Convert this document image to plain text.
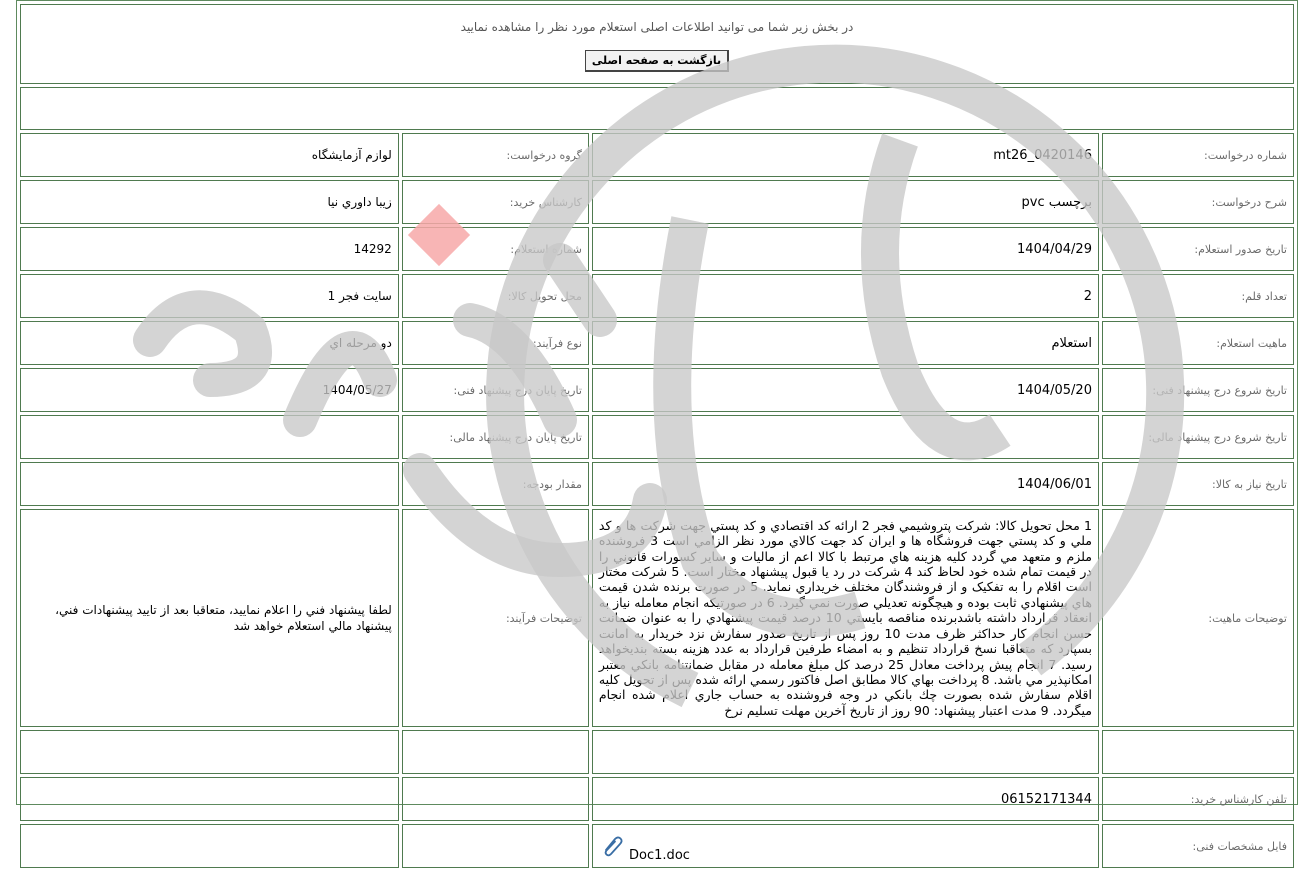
در بخش زیر شما می توانید اطلاعات اصلی استعلام مورد نظر را مشاهده نمایید
بازگشت به صفحه اصلی			

شماره درخواست:	mt26_0420146	گروه درخواست:	لوازم آزمایشگاه
شرح درخواست:	برچسب pvc	کارشناس خرید:	زيبا داوري نيا
تاریخ صدور استعلام:	1404/04/29	شماره استعلام:	14292
تعداد قلم:	2	محل تحویل کالا:	سايت فجر 1
ماهیت استعلام:	استعلام	نوع فرآیند:	دو مرحله اي
تاریخ شروع درج پیشنهاد فنی:	1404/05/20	تاریخ پایان درج پیشنهاد فنی:	1404/05/27
تاریخ شروع درج پیشنهاد مالی:		تاریخ پایان درج پیشنهاد مالی:	
تاریخ نیاز به کالا:	1404/06/01	مقدار بودجه:	
توضیحات ماهیت:	1 محل تحويل کالا: شرکت پتروشيمي فجر 2 ارائه کد اقتصادي و کد پستي جهت شرکت ها و کد ملي و کد پستي جهت فروشگاه ها و ايران کد جهت کالاي مورد نظر الزامي است 3 فروشنده ملزم و متعهد مي گردد کليه هزينه هاي مرتبط با کالا اعم از ماليات و ساير کسورات قانوني را در قيمت تمام شده خود لحاظ کند 4 شرکت در رد يا قبول پيشنهاد مختار است. 5 شرکت مختار است اقلام را به تفکيک و از فروشندگان مختلف خريداري نمايد. 5 در صورت برنده شدن قيمت هاي پيشنهادي ثابت بوده و هيچگونه تعديلي صورت نمي گيرد. 6 در صورتيکه انجام معامله نياز به انعقاد قرارداد داشته باشدبرنده مناقصه بايستي 10 درصد قيمت پيشنهادي را به عنوان ضمانت حسن انجام کار حداکثر ظرف مدت 10 روز پس از تاريخ صدور سفارش نزد خريدار به امانت بسپارد که متعاقبا نسخ قرارداد تنظيم و به امضاء طرفين قرارداد به عدد هزينه بسته بنديخواهد رسيد. 7 انجام پيش پرداخت معادل 25 درصد کل مبلغ معامله در مقابل ضمانتنامه بانکي معتبر امکانپذير مي باشد. 8 پرداخت بهاي کالا مطابق اصل فاکتور رسمي ارائه شده پس از تحويل کليه اقلام سفارش شده بصورت چك بانكي در وجه فروشنده به حساب جاري اعلام شده انجام ميگردد. 9 مدت اعتبار پيشنهاد: 90 روز از تاريخ آخرين مهلت تسليم نرخ	توضیحات فرآیند:	لطفا پيشنهاد فني را اعلام نماييد، متعاقبا بعد از تاييد پيشنهادات فني، پيشنهاد مالي استعلام خواهد شد

تلفن کارشناس خرید:	06152171344		
فایل مشخصات فنی:	Doc1.doc		
